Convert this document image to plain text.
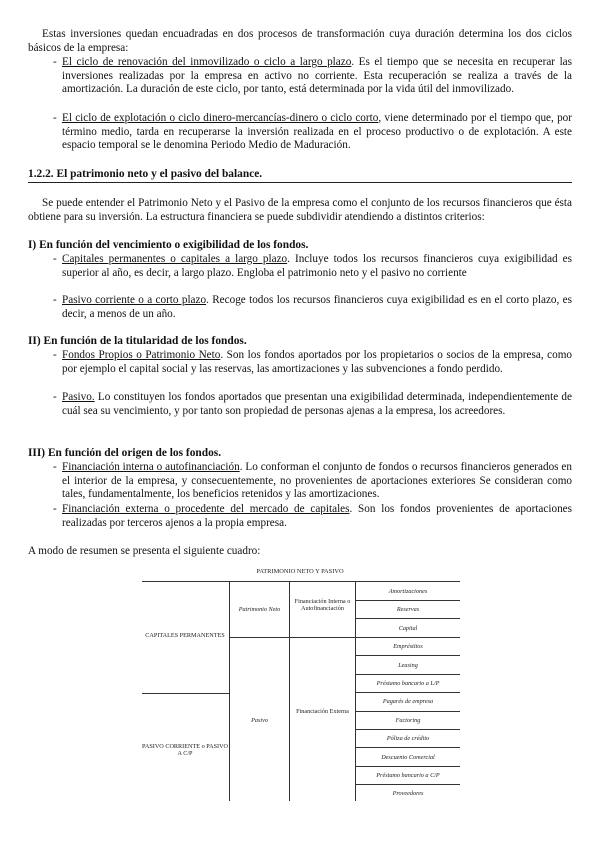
Estas inversiones quedan encuadradas en dos procesos de transformación cuya duración determina los dos ciclos básicos de la empresa:
- El ciclo de renovación del inmovilizado o ciclo a largo plazo. Es el tiempo que se necesita en recuperar las inversiones realizadas por la empresa en activo no corriente. Esta recuperación se realiza a través de la amortización. La duración de este ciclo, por tanto, está determinada por la vida útil del inmovilizado.
- El ciclo de explotación o ciclo dinero-mercancías-dinero o ciclo corto, viene determinado por el tiempo que, por término medio, tarda en recuperarse la inversión realizada en el proceso productivo o de explotación. A este espacio temporal se le denomina Periodo Medio de Maduración.
1.2.2. El patrimonio neto y el pasivo del balance.
Se puede entender el Patrimonio Neto y el Pasivo de la empresa como el conjunto de los recursos financieros que ésta obtiene para su inversión. La estructura financiera se puede subdividir atendiendo a distintos criterios:
I) En función del vencimiento o exigibilidad de los fondos.
- Capitales permanentes o capitales a largo plazo. Incluye todos los recursos financieros cuya exigibilidad es superior al año, es decir, a largo plazo. Engloba el patrimonio neto y el pasivo no corriente
- Pasivo corriente o a corto plazo. Recoge todos los recursos financieros cuya exigibilidad es en el corto plazo, es decir, a menos de un año.
II) En función de la titularidad de los fondos.
- Fondos Propios o Patrimonio Neto. Son los fondos aportados por los propietarios o socios de la empresa, como por ejemplo el capital social y las reservas, las amortizaciones y las subvenciones a fondo perdido.
- Pasivo. Lo constituyen los fondos aportados que presentan una exigibilidad determinada, independientemente de cuál sea su vencimiento, y por tanto son propiedad de personas ajenas a la empresa, los acreedores.
III) En función del origen de los fondos.
- Financiación interna o autofinanciación. Lo conforman el conjunto de fondos o recursos financieros generados en el interior de la empresa, y consecuentemente, no provenientes de aportaciones exteriores Se consideran como tales, fundamentalmente, los beneficios retenidos y las amortizaciones.
- Financiación externa o procedente del mercado de capitales. Son los fondos provenientes de aportaciones realizadas por terceros ajenos a la propia empresa.
A modo de resumen se presenta el siguiente cuadro:
PATRIMONIO NETO Y PASIVO
CAPITALES PERMANENTES
PASIVO CORRIENTE o PASIVO A C/P
Patrimonio Neto
Pasivo
Financiación Interna o Autofinanciación
Financiación Externa
Amortizaciones
Reservas
Capital
Empréstitos
Leasing
Préstamo bancario a L/P
Pagarés de empresa
Factoring
Póliza de crédito
Descuento Comercial
Préstamo bancario a C/P
Proveedores
